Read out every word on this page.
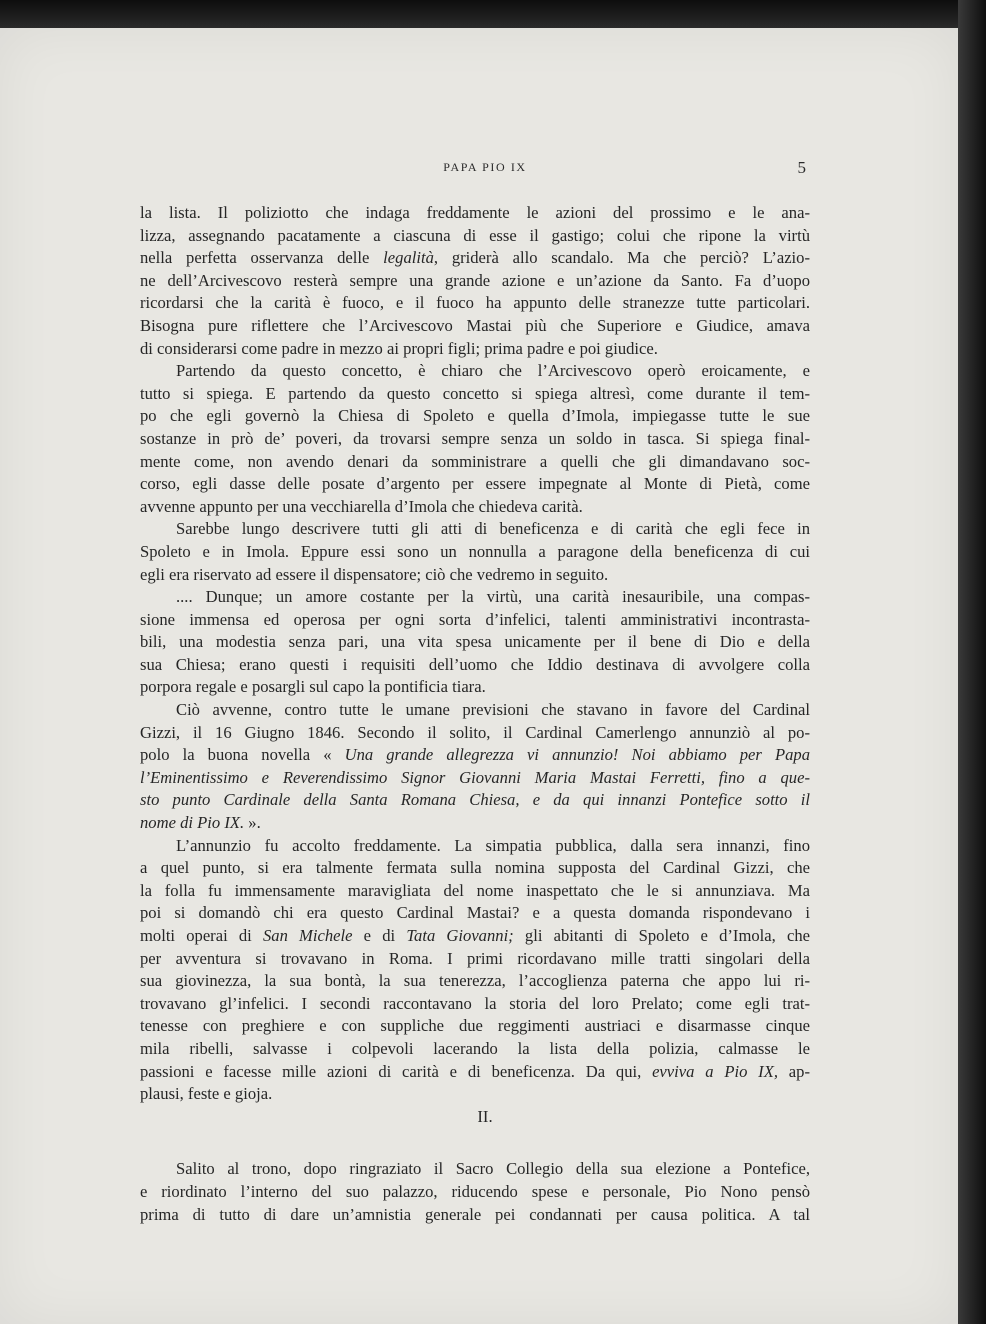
PAPA PIO IX	5
la lista. Il poliziotto che indaga freddamente le azioni del prossimo e le ana-
lizza, assegnando pacatamente a ciascuna di esse il gastigo; colui che ripone la virtù
nella perfetta osservanza delle legalità, griderà allo scandalo. Ma che perciò? L’azio-
ne dell’Arcivescovo resterà sempre una grande azione e un’azione da Santo. Fa d’uopo
ricordarsi che la carità è fuoco, e il fuoco ha appunto delle stranezze tutte particolari.
Bisogna pure riflettere che l’Arcivescovo Mastai più che Superiore e Giudice, amava
di considerarsi come padre in mezzo ai propri figli; prima padre e poi giudice.
Partendo da questo concetto, è chiaro che l’Arcivescovo operò eroicamente, e
tutto si spiega. E partendo da questo concetto si spiega altresì, come durante il tem-
po che egli governò la Chiesa di Spoleto e quella d’Imola, impiegasse tutte le sue
sostanze in prò de’ poveri, da trovarsi sempre senza un soldo in tasca. Si spiega final-
mente come, non avendo denari da somministrare a quelli che gli dimandavano soc-
corso, egli dasse delle posate d’argento per essere impegnate al Monte di Pietà, come
avvenne appunto per una vecchiarella d’Imola che chiedeva carità.
Sarebbe lungo descrivere tutti gli atti di beneficenza e di carità che egli fece in
Spoleto e in Imola. Eppure essi sono un nonnulla a paragone della beneficenza di cui
egli era riservato ad essere il dispensatore; ciò che vedremo in seguito.
.... Dunque; un amore costante per la virtù, una carità inesauribile, una compas-
sione immensa ed operosa per ogni sorta d’infelici, talenti amministrativi incontrasta-
bili, una modestia senza pari, una vita spesa unicamente per il bene di Dio e della
sua Chiesa; erano questi i requisiti dell’uomo che Iddio destinava di avvolgere colla
porpora regale e posargli sul capo la pontificia tiara.
Ciò avvenne, contro tutte le umane previsioni che stavano in favore del Cardinal
Gizzi, il 16 Giugno 1846. Secondo il solito, il Cardinal Camerlengo annunziò al po-
polo la buona novella « Una grande allegrezza vi annunzio! Noi abbiamo per Papa
l’Eminentissimo e Reverendissimo Signor Giovanni Maria Mastai Ferretti, fino a que-
sto punto Cardinale della Santa Romana Chiesa, e da qui innanzi Pontefice sotto il
nome di Pio IX. ».
L’annunzio fu accolto freddamente. La simpatia pubblica, dalla sera innanzi, fino
a quel punto, si era talmente fermata sulla nomina supposta del Cardinal Gizzi, che
la folla fu immensamente maravigliata del nome inaspettato che le si annunziava. Ma
poi si domandò chi era questo Cardinal Mastai? e a questa domanda rispondevano i
molti operai di San Michele e di Tata Giovanni; gli abitanti di Spoleto e d’Imola, che
per avventura si trovavano in Roma. I primi ricordavano mille tratti singolari della
sua giovinezza, la sua bontà, la sua tenerezza, l’accoglienza paterna che appo lui ri-
trovavano gl’infelici. I secondi raccontavano la storia del loro Prelato; come egli trat-
tenesse con preghiere e con suppliche due reggimenti austriaci e disarmasse cinque
mila ribelli, salvasse i colpevoli lacerando la lista della polizia, calmasse le
passioni e facesse mille azioni di carità e di beneficenza. Da qui, evviva a Pio IX, ap-
plausi, feste e gioja.
II.
Salito al trono, dopo ringraziato il Sacro Collegio della sua elezione a Pontefice,
e riordinato l’interno del suo palazzo, riducendo spese e personale, Pio Nono pensò
prima di tutto di dare un’amnistia generale pei condannati per causa politica. A tal
